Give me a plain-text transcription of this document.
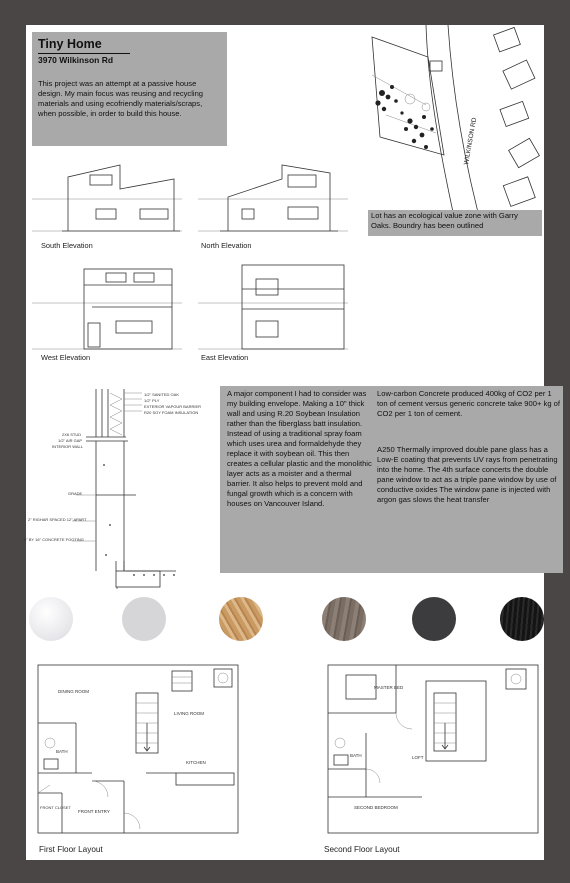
Tiny Home
3970 Wilkinson Rd
This project was an attempt at a passive house design. My main focus was reusing and recycling materials and using ecofriendly materials/scraps, when possible, in order to build this house.
WILKINSON RD
Lot has an ecological value zone with Garry Oaks. Boundry has been outlined
South Elevation	North Elevation
West Elevation	East Elevation
x
1/2" SANITED OAK
1/2" PLY
EXTERIOR VAPOUR BARRIER
R20 SOY FOAM INSULATION
2X6 STUD
1/2" AIR GAP
INTERIOR WALL
GRADE
2" RIGHAR SPACED 12" APART
8" BY 16" CONCRETE FOOTING
A major component I had to consider was my building envelope. Making a 10" thick wall and using R.20 Soybean Insulation rather than the fiberglass batt insulation. Instead of using a traditional spray foam which uses urea and formaldehyde they replace it with soybean oil. This then creates a cellular plastic and the monolithic layer acts as a moister and a thermal barrier. It also helps to prevent mold and fungal growth which is a concern with houses on Vancouver Island.
Low-carbon Concrete produced 400kg of CO2 per 1 ton of cement versus generic concrete take 900+ kg of CO2 per 1 ton of cement.
A250 Thermally improved double pane glass has a Low-E coating that prevents UV rays from penetrating into the home. The 4th surface concerts the double pane window to act as a triple pane window by use of conductive oxides The window pane is injected with argon gas slows the heat transfer
DINING ROOM
LIVING ROOM
BATH
KITCHEN
FRONT ENTRY
FRONT CLOSET
First Floor Layout
MASTER BED
BATH	LOFT
SECOND BEDROOM
Second Floor Layout
